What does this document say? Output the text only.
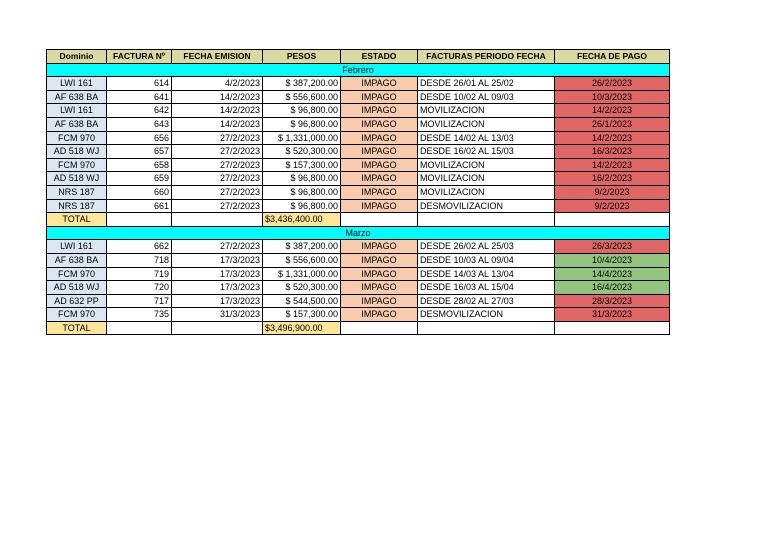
Dominio	FACTURA Nº	FECHA EMISION	PESOS	ESTADO	FACTURAS PERIODO FECHA	FECHA DE PAGO
Febrero						
LWI 161	614	4/2/2023	$ 387,200.00	IMPAGO	DESDE 26/01 AL 25/02	26/2/2023
AF 638 BA	641	14/2/2023	$ 556,600.00	IMPAGO	DESDE 10/02 AL 09/03	10/3/2023
LWI 161	642	14/2/2023	$ 96,800.00	IMPAGO	MOVILIZACION	14/2/2023
AF 638 BA	643	14/2/2023	$ 96,800.00	IMPAGO	MOVILIZACION	26/1/2023
FCM 970	656	27/2/2023	$ 1,331,000.00	IMPAGO	DESDE 14/02 AL 13/03	14/2/2023
AD 518 WJ	657	27/2/2023	$ 520,300.00	IMPAGO	DESDE 16/02 AL 15/03	16/3/2023
FCM 970	658	27/2/2023	$ 157,300.00	IMPAGO	MOVILIZACION	14/2/2023
AD 518 WJ	659	27/2/2023	$ 96,800.00	IMPAGO	MOVILIZACION	16/2/2023
NRS 187	660	27/2/2023	$ 96,800.00	IMPAGO	MOVILIZACION	9/2/2023
NRS 187	661	27/2/2023	$ 96,800.00	IMPAGO	DESMOVILIZACION	9/2/2023
TOTAL			$3,436,400.00			
Marzo						
LWI 161	662	27/2/2023	$ 387,200.00	IMPAGO	DESDE 26/02 AL 25/03	26/3/2023
AF 638 BA	718	17/3/2023	$ 556,600.00	IMPAGO	DESDE 10/03 AL 09/04	10/4/2023
FCM 970	719	17/3/2023	$ 1,331,000.00	IMPAGO	DESDE 14/03 AL 13/04	14/4/2023
AD 518 WJ	720	17/3/2023	$ 520,300.00	IMPAGO	DESDE 16/03 AL 15/04	16/4/2023
AD 632 PP	717	17/3/2023	$ 544,500.00	IMPAGO	DESDE 28/02 AL 27/03	28/3/2023
FCM 970	735	31/3/2023	$ 157,300.00	IMPAGO	DESMOVILIZACION	31/3/2023
TOTAL			$3,496,900.00			
